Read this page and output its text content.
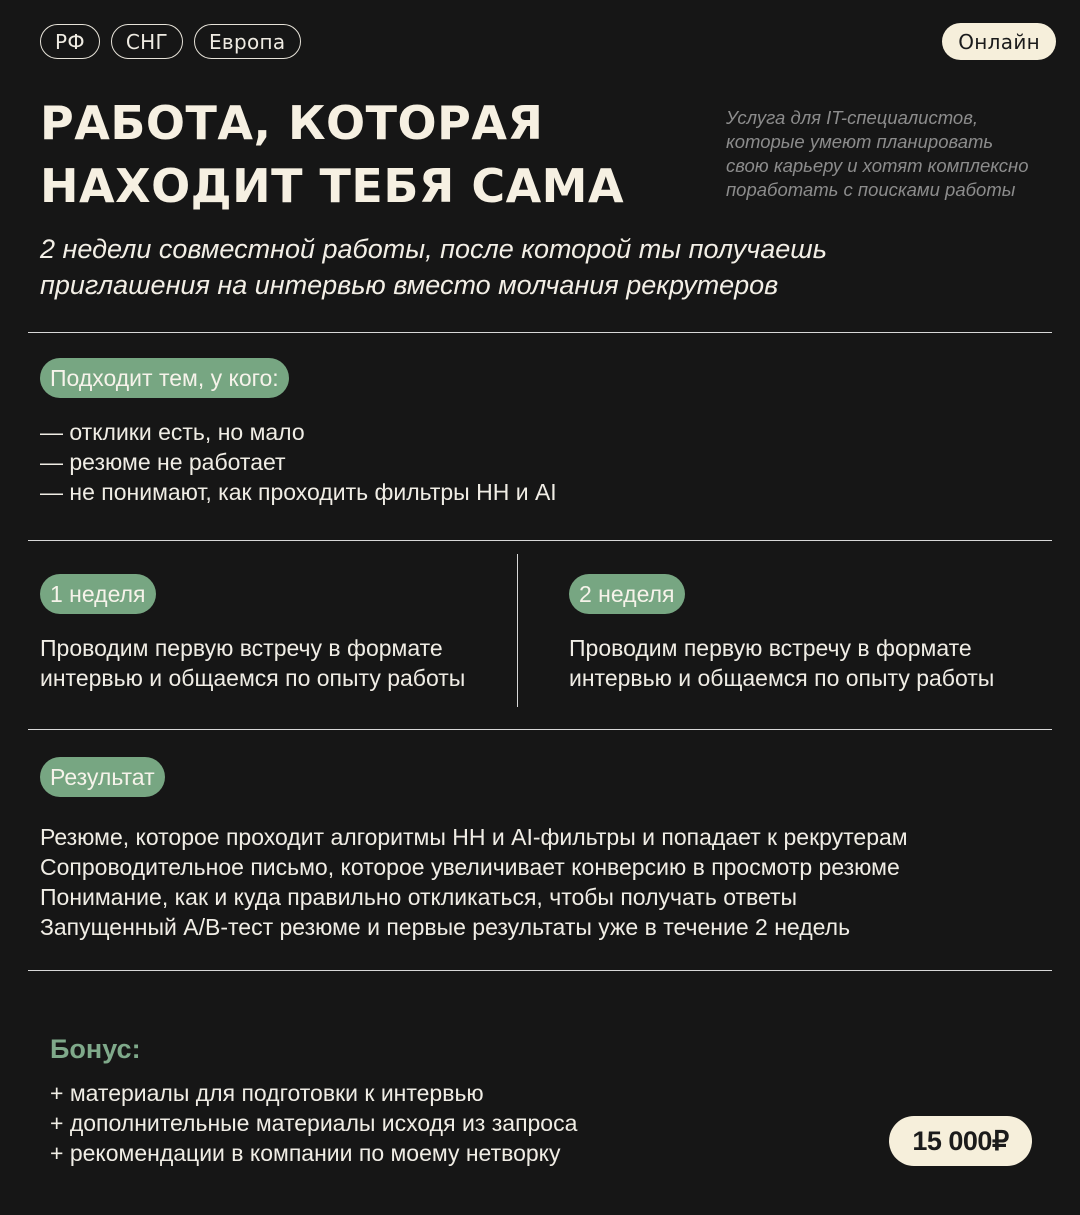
РФ	СНГ	Европа	Онлайн
РАБОТА, КОТОРАЯ
НАХОДИТ ТЕБЯ САМА
Услуга для IT-специалистов,
которые умеют планировать
свою карьеру и хотят комплексно
поработать с поисками работы
2 недели совместной работы, после которой ты получаешь
приглашения на интервью вместо молчания рекрутеров
Подходит тем, у кого:
— отклики есть, но мало
— резюме не работает
— не понимают, как проходить фильтры HH и AI
1 неделя
Проводим первую встречу в формате
интервью и общаемся по опыту работы
2 неделя
Проводим первую встречу в формате
интервью и общаемся по опыту работы
Результат
Резюме, которое проходит алгоритмы HH и AI-фильтры и попадает к рекрутерам
Сопроводительное письмо, которое увеличивает конверсию в просмотр резюме
Понимание, как и куда правильно откликаться, чтобы получать ответы
Запущенный A/B-тест резюме и первые результаты уже в течение 2 недель
Бонус:
+ материалы для подготовки к интервью
+ дополнительные материалы исходя из запроса
+ рекомендации в компании по моему нетворку	15 000₽
